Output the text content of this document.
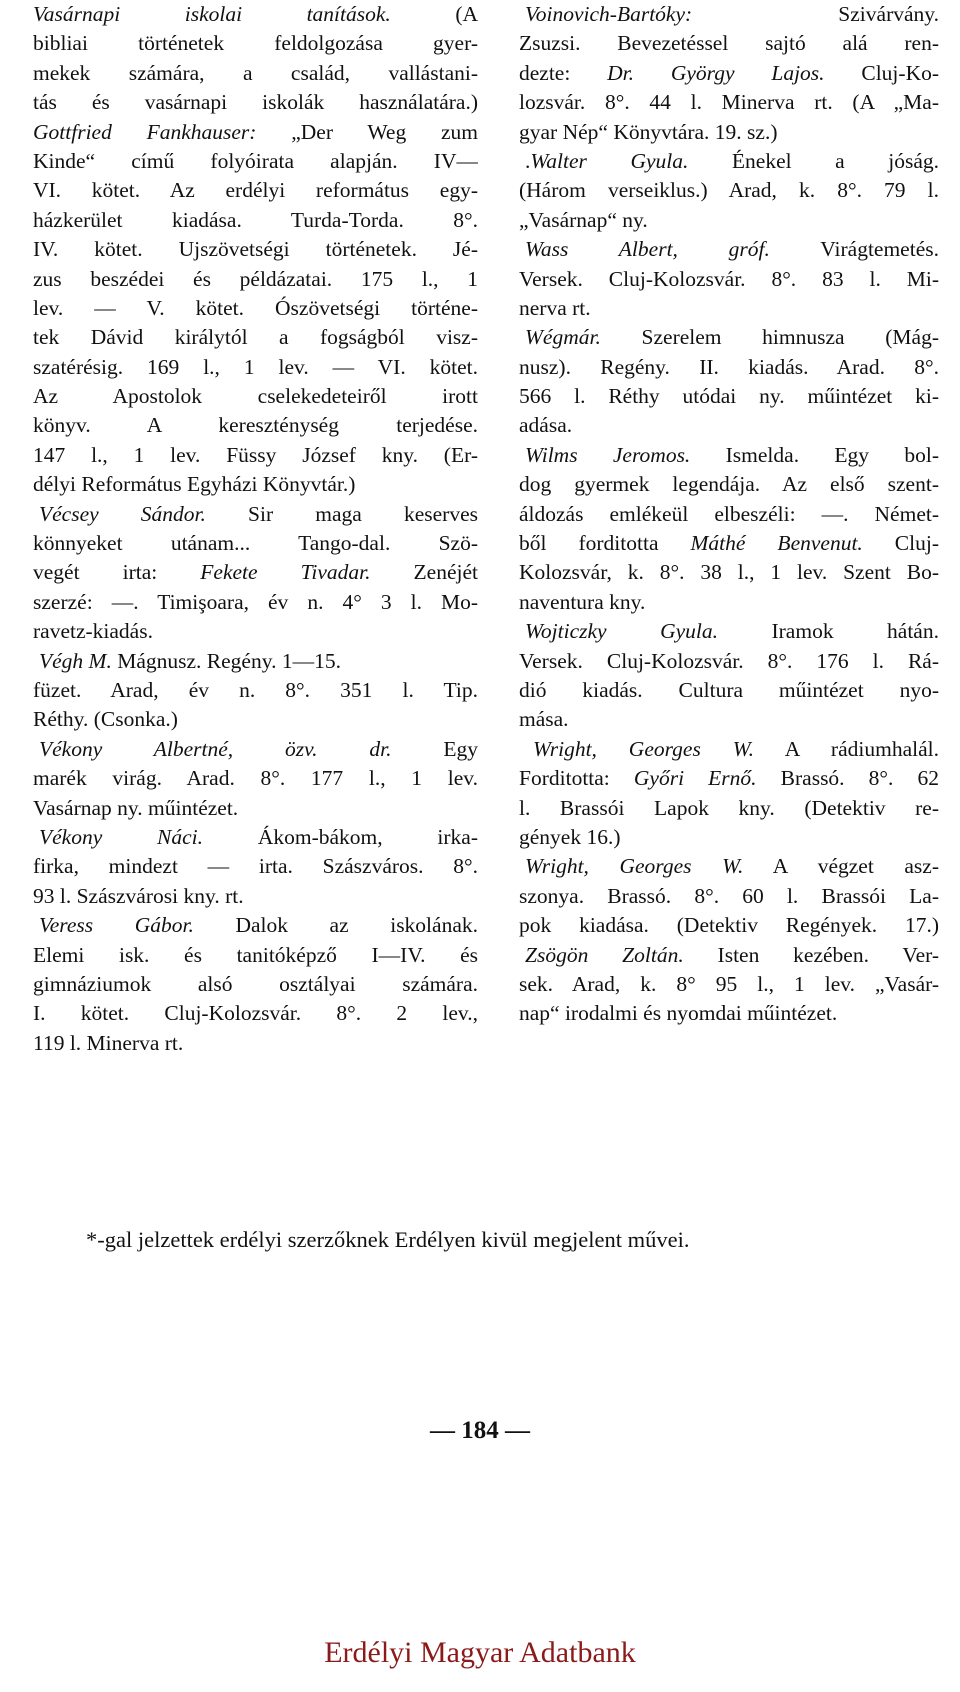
Vasárnapi iskolai tanítások. (A
bibliai történetek feldolgozása gyer-
mekek számára, a család, vallástani-
tás és vasárnapi iskolák használatára.)
Gottfried Fankhauser: „Der Weg zum
Kinde“ című folyóirata alapján. IV—
VI. kötet. Az erdélyi református egy-
házkerület kiadása. Turda-Torda. 8°.
IV. kötet. Ujszövetségi történetek. Jé-
zus beszédei és példázatai. 175 l., 1
lev. — V. kötet. Ószövetségi történe-
tek Dávid királytól a fogságból visz-
szatérésig. 169 l., 1 lev. — VI. kötet.
Az Apostolok cselekedeteiről irott
könyv. A kereszténység terjedése.
147 l., 1 lev. Füssy József kny. (Er-
délyi Református Egyházi Könyvtár.)
Vécsey Sándor. Sir maga keserves
könnyeket utánam... Tango-dal. Szö-
vegét irta: Fekete Tivadar. Zenéjét
szerzé: —. Timişoara, év n. 4° 3 l. Mo-
ravetz-kiadás.
Végh M. Mágnusz. Regény. 1—15.
füzet. Arad, év n. 8°. 351 l. Tip.
Réthy. (Csonka.)
Vékony Albertné, özv. dr. Egy
marék virág. Arad. 8°. 177 l., 1 lev.
Vasárnap ny. műintézet.
Vékony Náci. Ákom-bákom, irka-
firka, mindezt — irta. Szászváros. 8°.
93 l. Szászvárosi kny. rt.
Veress Gábor. Dalok az iskolának.
Elemi isk. és tanitóképző I—IV. és
gimnáziumok alsó osztályai számára.
I. kötet. Cluj-Kolozsvár. 8°. 2 lev.,
119 l. Minerva rt.
Voinovich-Bartóky: Szivárvány.
Zsuzsi. Bevezetéssel sajtó alá ren-
dezte: Dr. György Lajos. Cluj-Ko-
lozsvár. 8°. 44 l. Minerva rt. (A „Ma-
gyar Nép“ Könyvtára. 19. sz.)
.Walter Gyula. Énekel a jóság.
(Három verseiklus.) Arad, k. 8°. 79 l.
„Vasárnap“ ny.
Wass Albert, gróf. Virágtemetés.
Versek. Cluj-Kolozsvár. 8°. 83 l. Mi-
nerva rt.
Wégmár. Szerelem himnusza (Mág-
nusz). Regény. II. kiadás. Arad. 8°.
566 l. Réthy utódai ny. műintézet ki-
adása.
Wilms Jeromos. Ismelda. Egy bol-
dog gyermek legendája. Az első szent-
áldozás emlékeül elbeszéli: —. Német-
ből forditotta Máthé Benvenut. Cluj-
Kolozsvár, k. 8°. 38 l., 1 lev. Szent Bo-
naventura kny.
Wojticzky Gyula. Iramok hátán.
Versek. Cluj-Kolozsvár. 8°. 176 l. Rá-
dió kiadás. Cultura műintézet nyo-
mása.
Wright, Georges W. A rádiumhalál.
Forditotta: Győri Ernő. Brassó. 8°. 62
l. Brassói Lapok kny. (Detektiv re-
gények 16.)
Wright, Georges W. A végzet asz-
szonya. Brassó. 8°. 60 l. Brassói La-
pok kiadása. (Detektiv Regények. 17.)
Zsögön Zoltán. Isten kezében. Ver-
sek. Arad, k. 8° 95 l., 1 lev. „Vasár-
nap“ irodalmi és nyomdai műintézet.
*-gal jelzettek erdélyi szerzőknek Erdélyen kivül megjelent művei.
— 184 —
Erdélyi Magyar Adatbank
